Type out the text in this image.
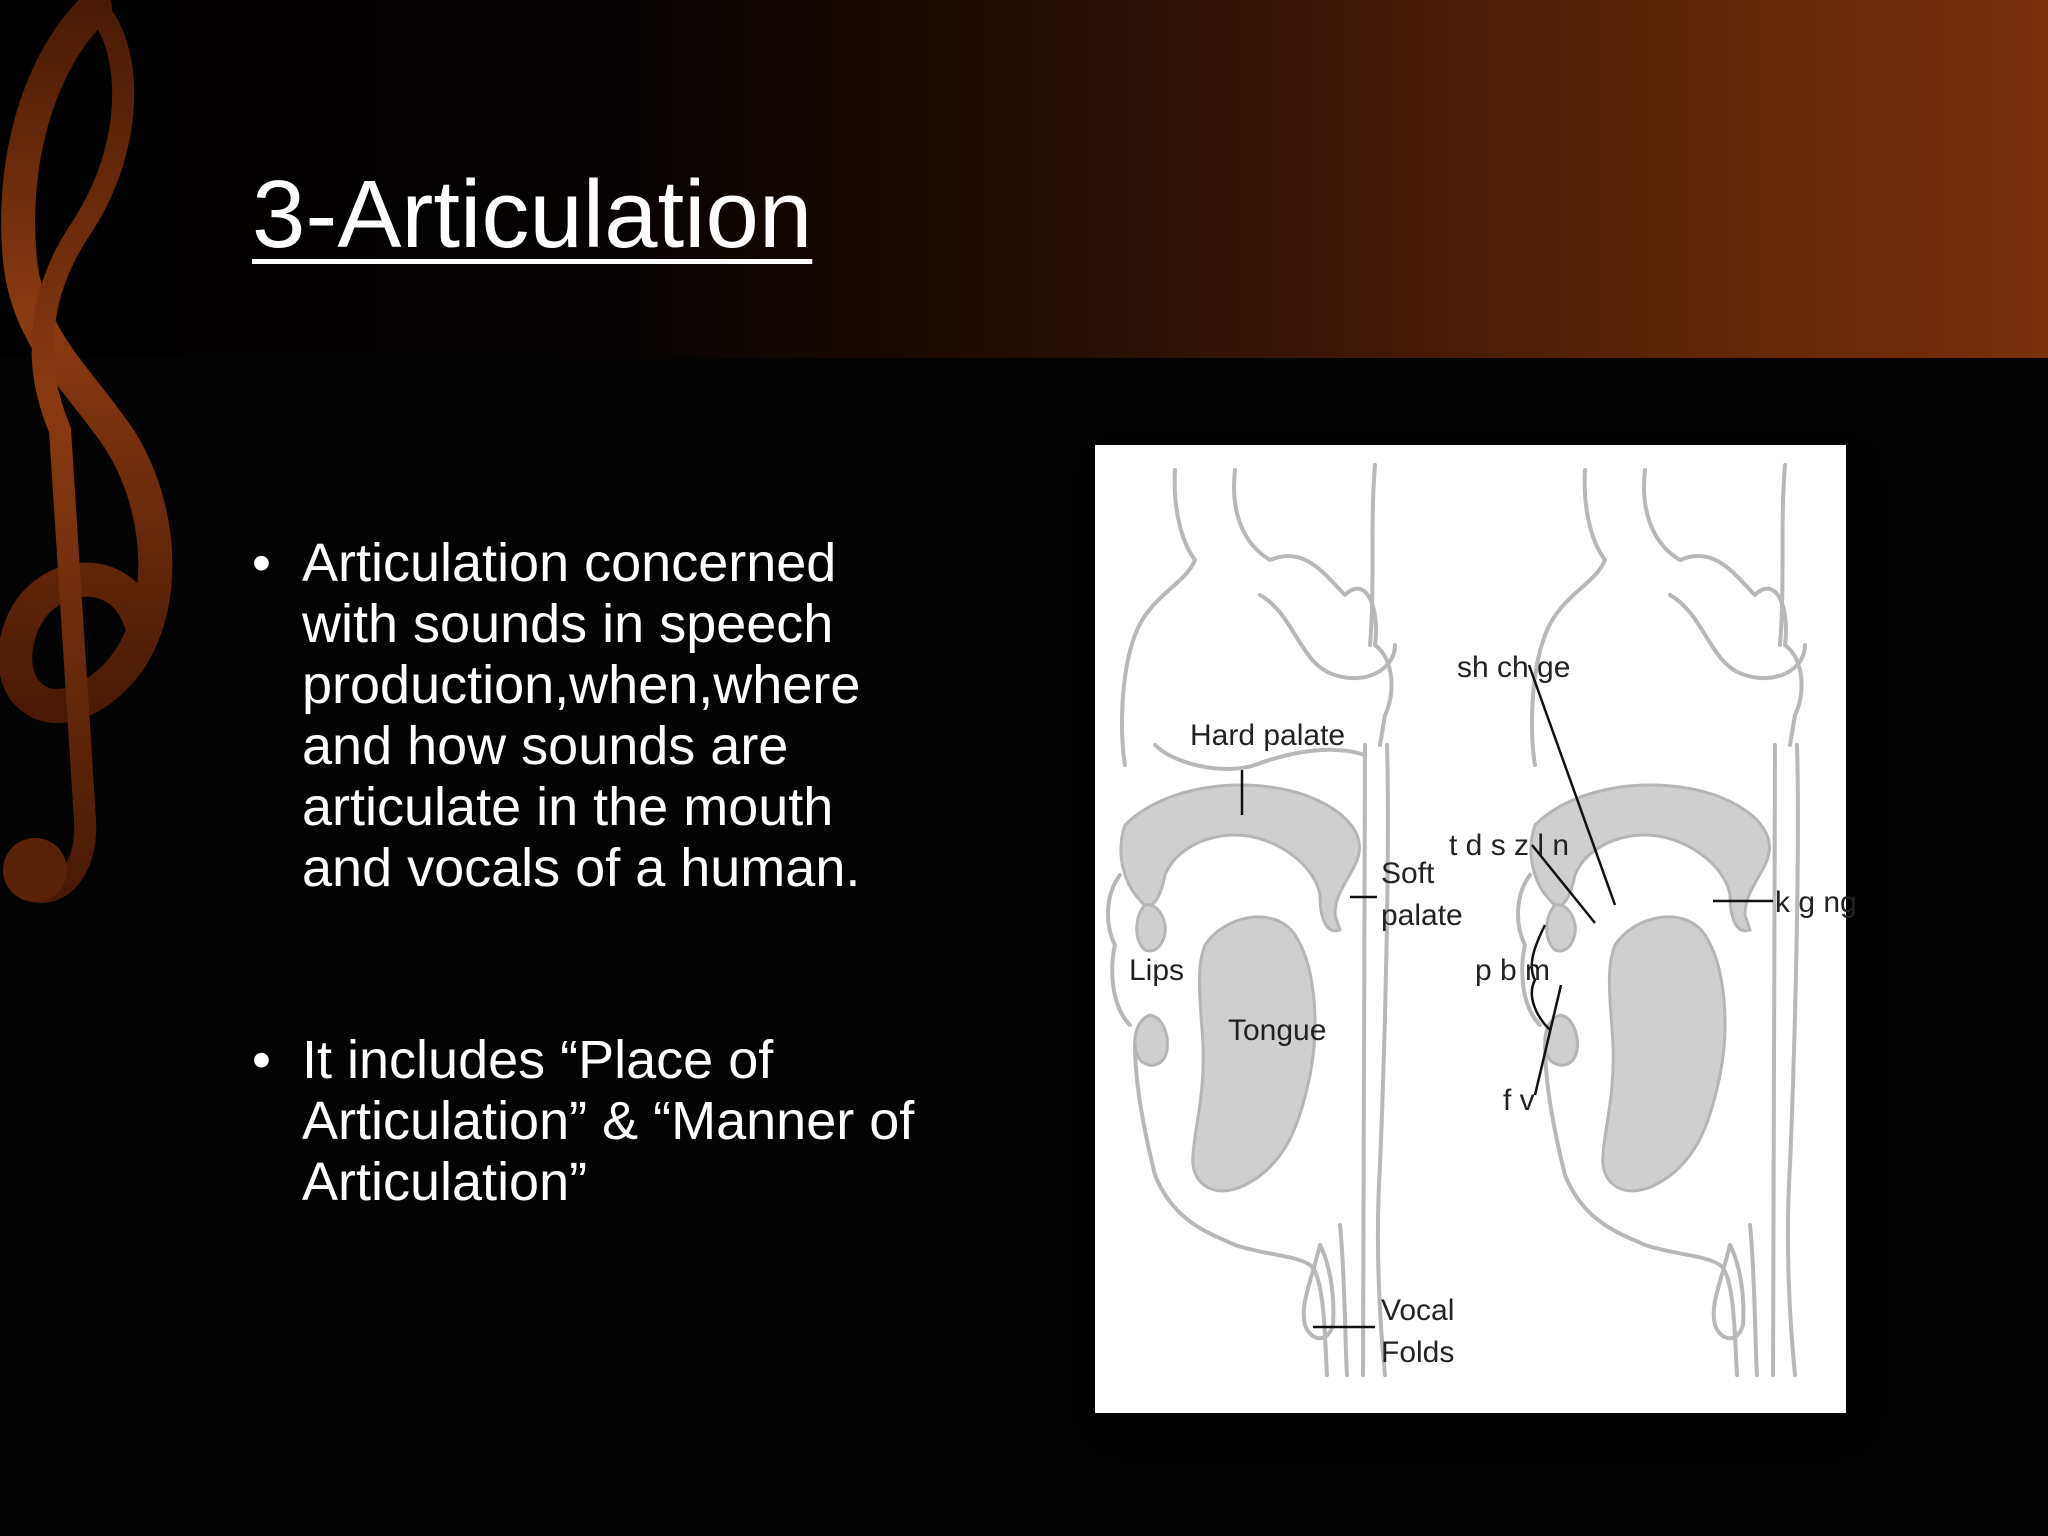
3-Articulation
• Articulation concerned with sounds in speech production,when,where and how sounds are articulate in the mouth and vocals of a human.
• It includes “Place of Articulation” & “Manner of Articulation”
Hard palate
Soft
palate
Lips
Tongue
Vocal
Folds
sh ch ge
t d s z l n
p b m
f v
k g ng
